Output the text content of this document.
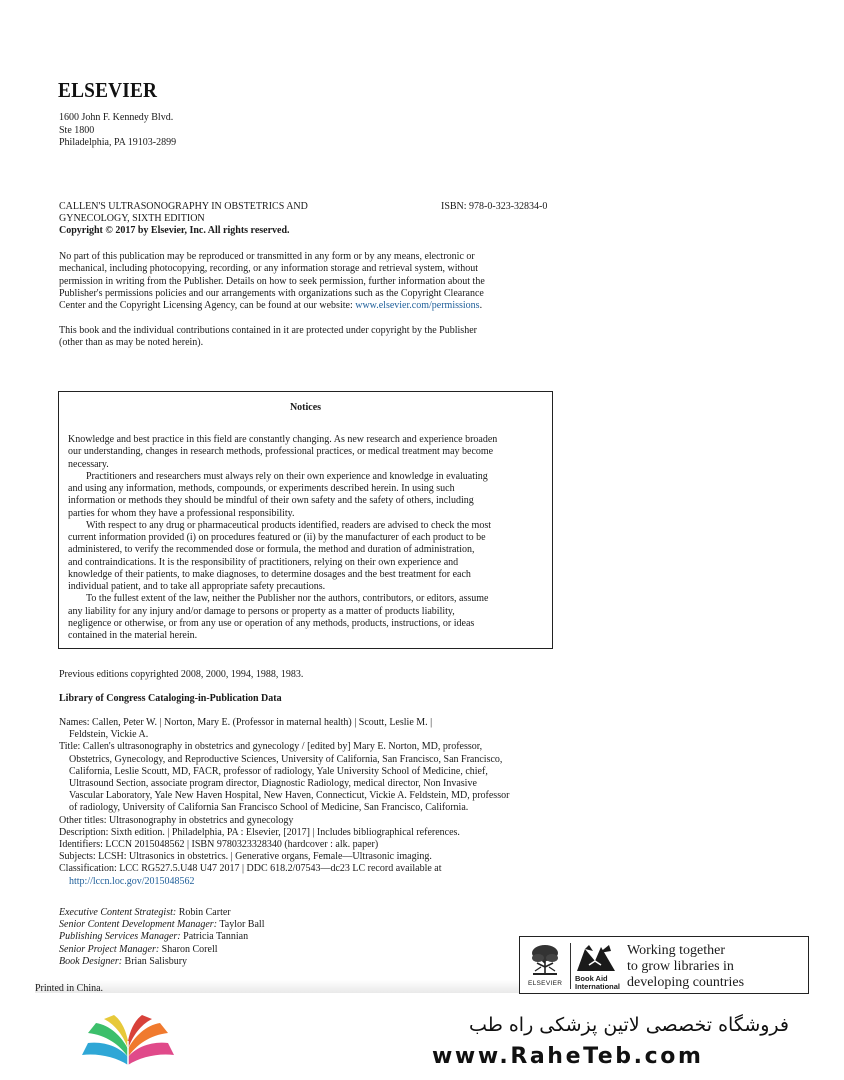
ELSEVIER
1600 John F. Kennedy Blvd.
Ste 1800
Philadelphia, PA 19103-2899
CALLEN'S ULTRASONOGRAPHY IN OBSTETRICS AND
GYNECOLOGY, SIXTH EDITION
Copyright © 2017 by Elsevier, Inc. All rights reserved.
ISBN: 978-0-323-32834-0
No part of this publication may be reproduced or transmitted in any form or by any means, electronic or
mechanical, including photocopying, recording, or any information storage and retrieval system, without
permission in writing from the Publisher. Details on how to seek permission, further information about the
Publisher's permissions policies and our arrangements with organizations such as the Copyright Clearance
Center and the Copyright Licensing Agency, can be found at our website: www.elsevier.com/permissions.
This book and the individual contributions contained in it are protected under copyright by the Publisher
(other than as may be noted herein).
Notices
Knowledge and best practice in this field are constantly changing. As new research and experience broaden
our understanding, changes in research methods, professional practices, or medical treatment may become
necessary.
Practitioners and researchers must always rely on their own experience and knowledge in evaluating
and using any information, methods, compounds, or experiments described herein. In using such
information or methods they should be mindful of their own safety and the safety of others, including
parties for whom they have a professional responsibility.
With respect to any drug or pharmaceutical products identified, readers are advised to check the most
current information provided (i) on procedures featured or (ii) by the manufacturer of each product to be
administered, to verify the recommended dose or formula, the method and duration of administration,
and contraindications. It is the responsibility of practitioners, relying on their own experience and
knowledge of their patients, to make diagnoses, to determine dosages and the best treatment for each
individual patient, and to take all appropriate safety precautions.
To the fullest extent of the law, neither the Publisher nor the authors, contributors, or editors, assume
any liability for any injury and/or damage to persons or property as a matter of products liability,
negligence or otherwise, or from any use or operation of any methods, products, instructions, or ideas
contained in the material herein.
Previous editions copyrighted 2008, 2000, 1994, 1988, 1983.
Library of Congress Cataloging-in-Publication Data
Names: Callen, Peter W. | Norton, Mary E. (Professor in maternal health) | Scoutt, Leslie M. |
Feldstein, Vickie A.
Title: Callen's ultrasonography in obstetrics and gynecology / [edited by] Mary E. Norton, MD, professor,
Obstetrics, Gynecology, and Reproductive Sciences, University of California, San Francisco, San Francisco,
California, Leslie Scoutt, MD, FACR, professor of radiology, Yale University School of Medicine, chief,
Ultrasound Section, associate program director, Diagnostic Radiology, medical director, Non Invasive
Vascular Laboratory, Yale New Haven Hospital, New Haven, Connecticut, Vickie A. Feldstein, MD, professor
of radiology, University of California San Francisco School of Medicine, San Francisco, California.
Other titles: Ultrasonography in obstetrics and gynecology
Description: Sixth edition. | Philadelphia, PA : Elsevier, [2017] | Includes bibliographical references.
Identifiers: LCCN 2015048562 | ISBN 9780323328340 (hardcover : alk. paper)
Subjects: LCSH: Ultrasonics in obstetrics. | Generative organs, Female—Ultrasonic imaging.
Classification: LCC RG527.5.U48 U47 2017 | DDC 618.2/07543—dc23 LC record available at
http://lccn.loc.gov/2015048562
Executive Content Strategist: Robin Carter
Senior Content Development Manager: Taylor Ball
Publishing Services Manager: Patricia Tannian
Senior Project Manager: Sharon Corell
Book Designer: Brian Salisbury
Printed in China.	ELSEVIER
Book Aid
International
Working together
to grow libraries in
developing countries
فروشگاه تخصصی لاتین پزشکی راه طب
www.RaheTeb.com
